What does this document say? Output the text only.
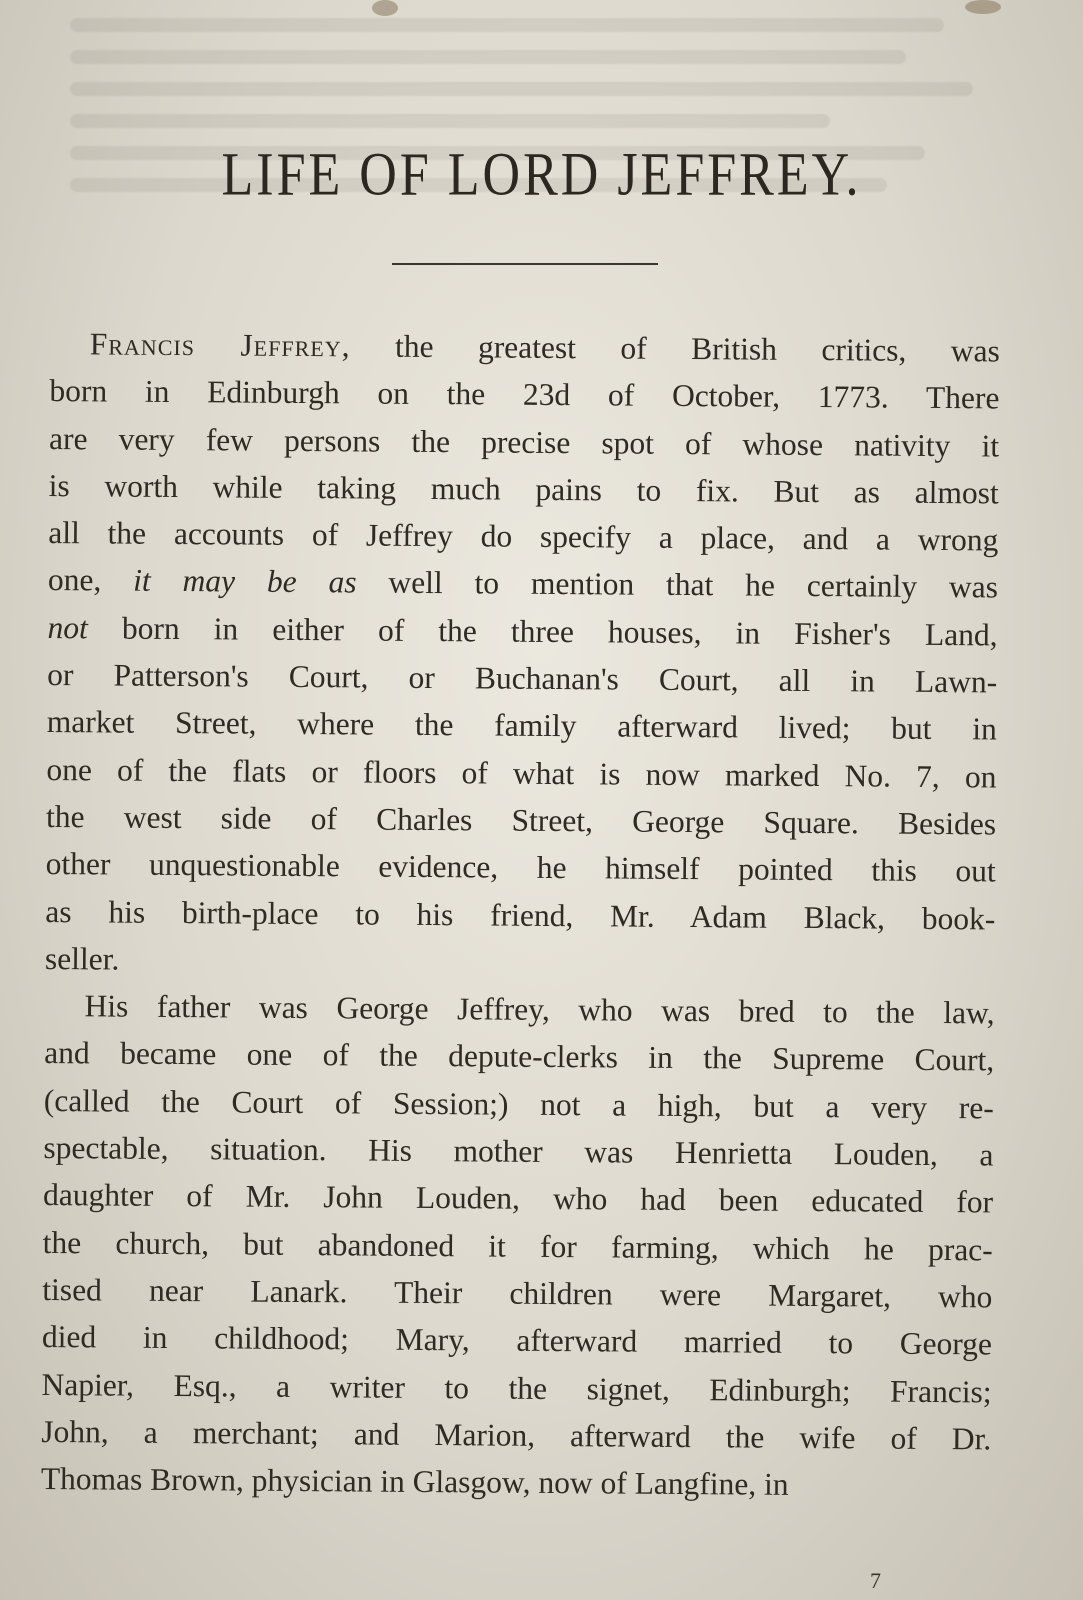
LIFE OF LORD JEFFREY.
Francis Jeffrey, the greatest of British critics, was
born in Edinburgh on the 23d of October, 1773. There
are very few persons the precise spot of whose nativity it
is worth while taking much pains to fix. But as almost
all the accounts of Jeffrey do specify a place, and a wrong
one, it may be as well to mention that he certainly was
not born in either of the three houses, in Fisher's Land,
or Patterson's Court, or Buchanan's Court, all in Lawn-
market Street, where the family afterward lived; but in
one of the flats or floors of what is now marked No. 7, on
the west side of Charles Street, George Square. Besides
other unquestionable evidence, he himself pointed this out
as his birth-place to his friend, Mr. Adam Black, book-
seller.
His father was George Jeffrey, who was bred to the law,
and became one of the depute-clerks in the Supreme Court,
(called the Court of Session;) not a high, but a very re-
spectable, situation. His mother was Henrietta Louden, a
daughter of Mr. John Louden, who had been educated for
the church, but abandoned it for farming, which he prac-
tised near Lanark. Their children were Margaret, who
died in childhood; Mary, afterward married to George
Napier, Esq., a writer to the signet, Edinburgh; Francis;
John, a merchant; and Marion, afterward the wife of Dr.
Thomas Brown, physician in Glasgow, now of Langfine, in
7
